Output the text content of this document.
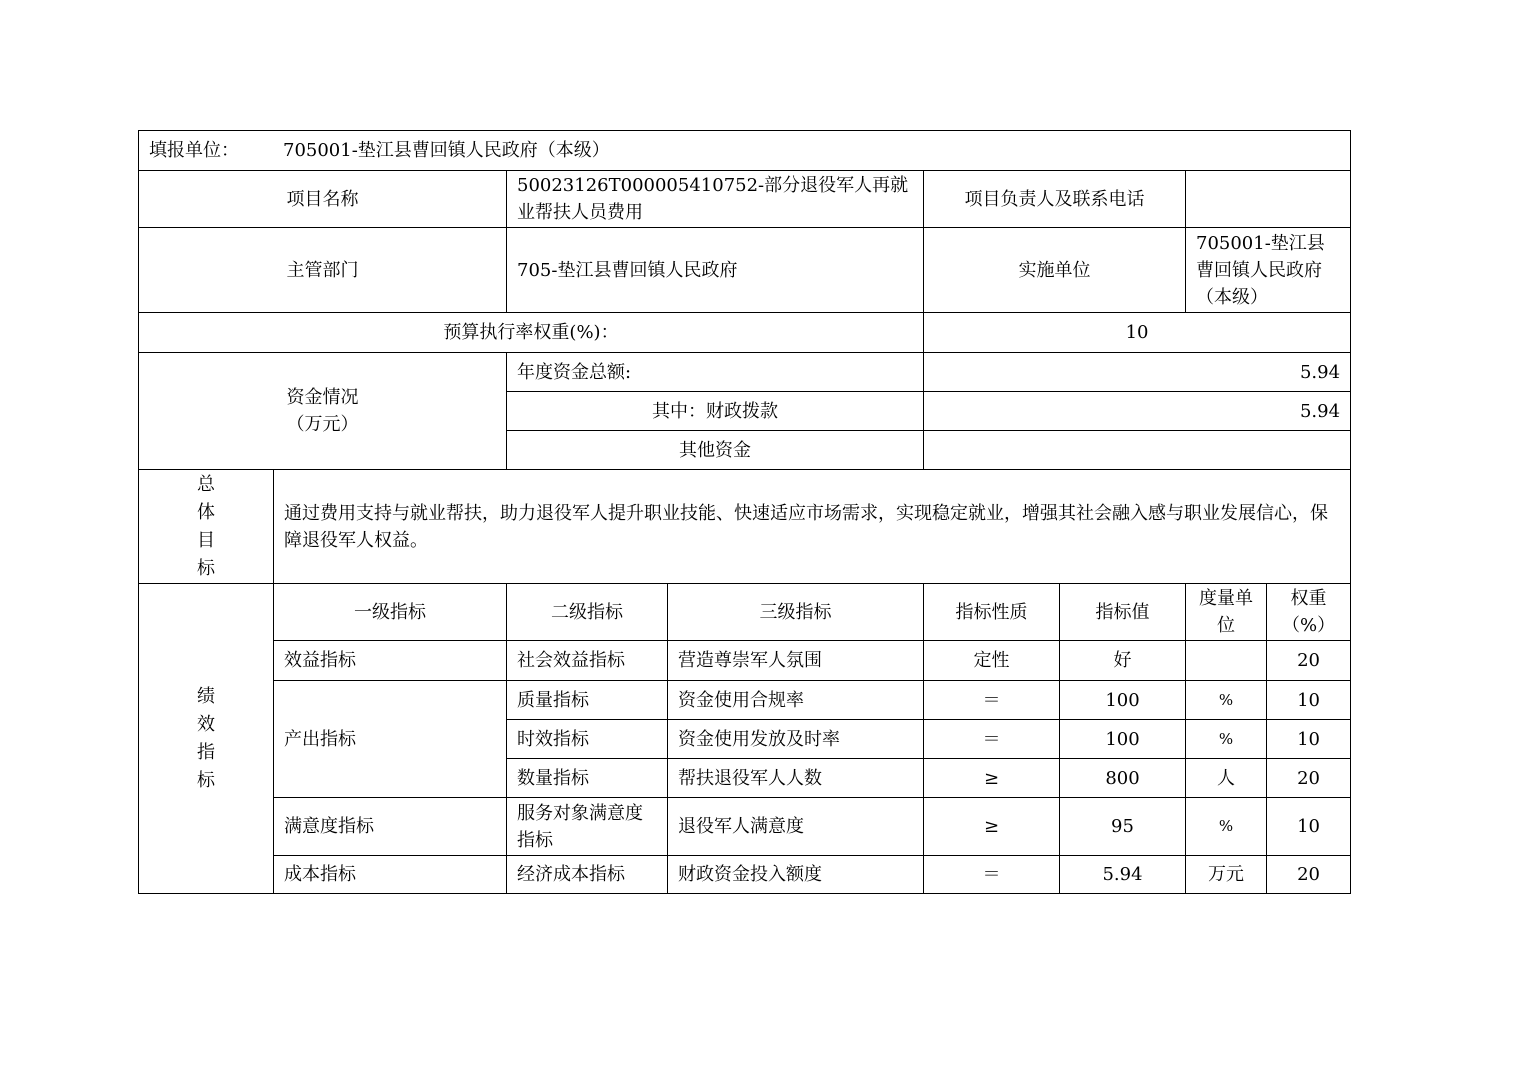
填报单位： 705001-垫江县曹回镇人民政府（本级）							
项目名称		50023126T000005410752-部分退役军人再就业帮扶人员费用		项目负责人及联系电话			
主管部门		705-垫江县曹回镇人民政府		实施单位		705001-垫江县曹回镇人民政府（本级）	
预算执行率权重(%)：				10			
资金情况
（万元）		年度资金总额:		5.94			
		其中：财政拨款		5.94			
		其他资金					

总
体
目
标	通过费用支持与就业帮扶，助力退役军人提升职业技能、快速适应市场需求，实现稳定就业，增强其社会融入感与职业发展信心，保障退役军人权益。						

绩
效
指
标	一级指标	二级指标	三级指标	指标性质	指标值	度量单位	权重（%）
	效益指标	社会效益指标	营造尊崇军人氛围	定性	好		20
	产出指标	质量指标	资金使用合规率	＝	100	%	10
		时效指标	资金使用发放及时率	＝	100	%	10
		数量指标	帮扶退役军人人数	≥	800	人	20
	满意度指标	服务对象满意度指标	退役军人满意度	≥	95	%	10
	成本指标	经济成本指标	财政资金投入额度	＝	5.94	万元	20
